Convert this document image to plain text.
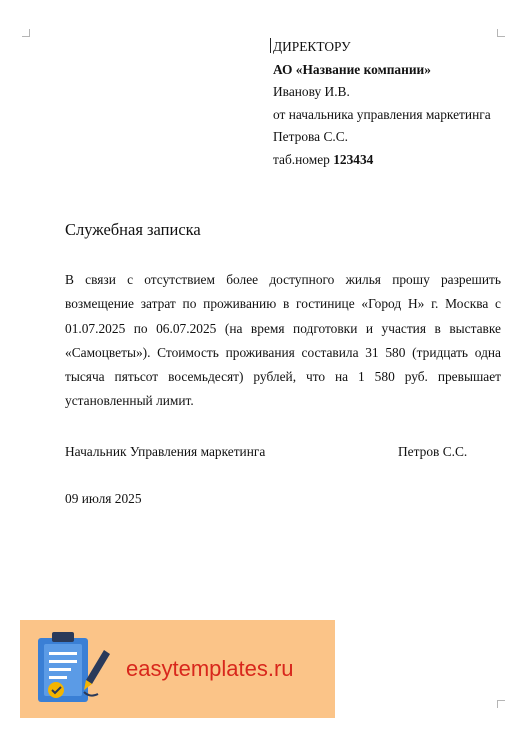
ДИРЕКТОРУ
АО «Название компании»
Иванову И.В.
от начальника управления маркетинга
Петрова С.С.
таб.номер 123434
Служебная записка
В связи с отсутствием более доступного жилья прошу разрешить возмещение затрат по проживанию в гостинице «Город Н» г. Москва с 01.07.2025 по 06.07.2025 (на время подготовки и участия в выставке «Самоцветы»). Стоимость проживания составила 31 580 (тридцать одна тысяча пятьсот восемьдесят) рублей, что на 1 580 руб. превышает установленный лимит.
Начальник Управления маркетинга	Петров С.С.
09 июля 2025
easytemplates.ru
